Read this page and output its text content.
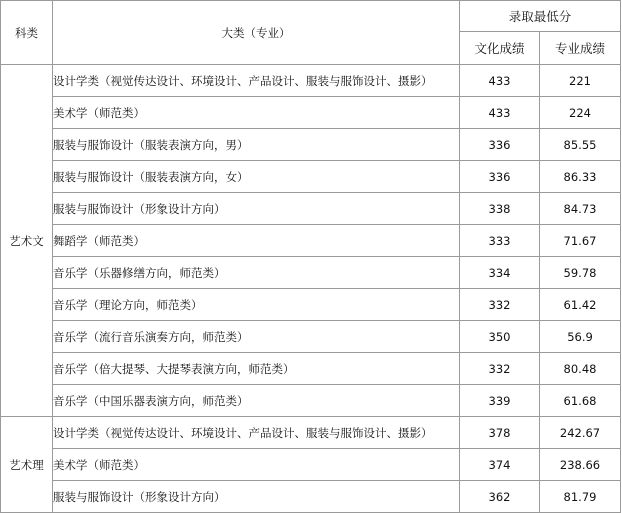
科类	大类（专业）	录取最低分	
		文化成绩	专业成绩
艺术文	设计学类（视觉传达设计、环境设计、产品设计、服装与服饰设计、摄影）	433	221
	美术学（师范类）	433	224
	服装与服饰设计（服装表演方向，男）	336	85.55
	服装与服饰设计（服装表演方向，女）	336	86.33
	服装与服饰设计（形象设计方向）	338	84.73
	舞蹈学（师范类）	333	71.67
	音乐学（乐器修缮方向，师范类）	334	59.78
	音乐学（理论方向，师范类）	332	61.42
	音乐学（流行音乐演奏方向，师范类）	350	56.9
	音乐学（倍大提琴、大提琴表演方向，师范类）	332	80.48
	音乐学（中国乐器表演方向，师范类）	339	61.68
艺术理	设计学类（视觉传达设计、环境设计、产品设计、服装与服饰设计、摄影）	378	242.67
	美术学（师范类）	374	238.66
	服装与服饰设计（形象设计方向）	362	81.79
